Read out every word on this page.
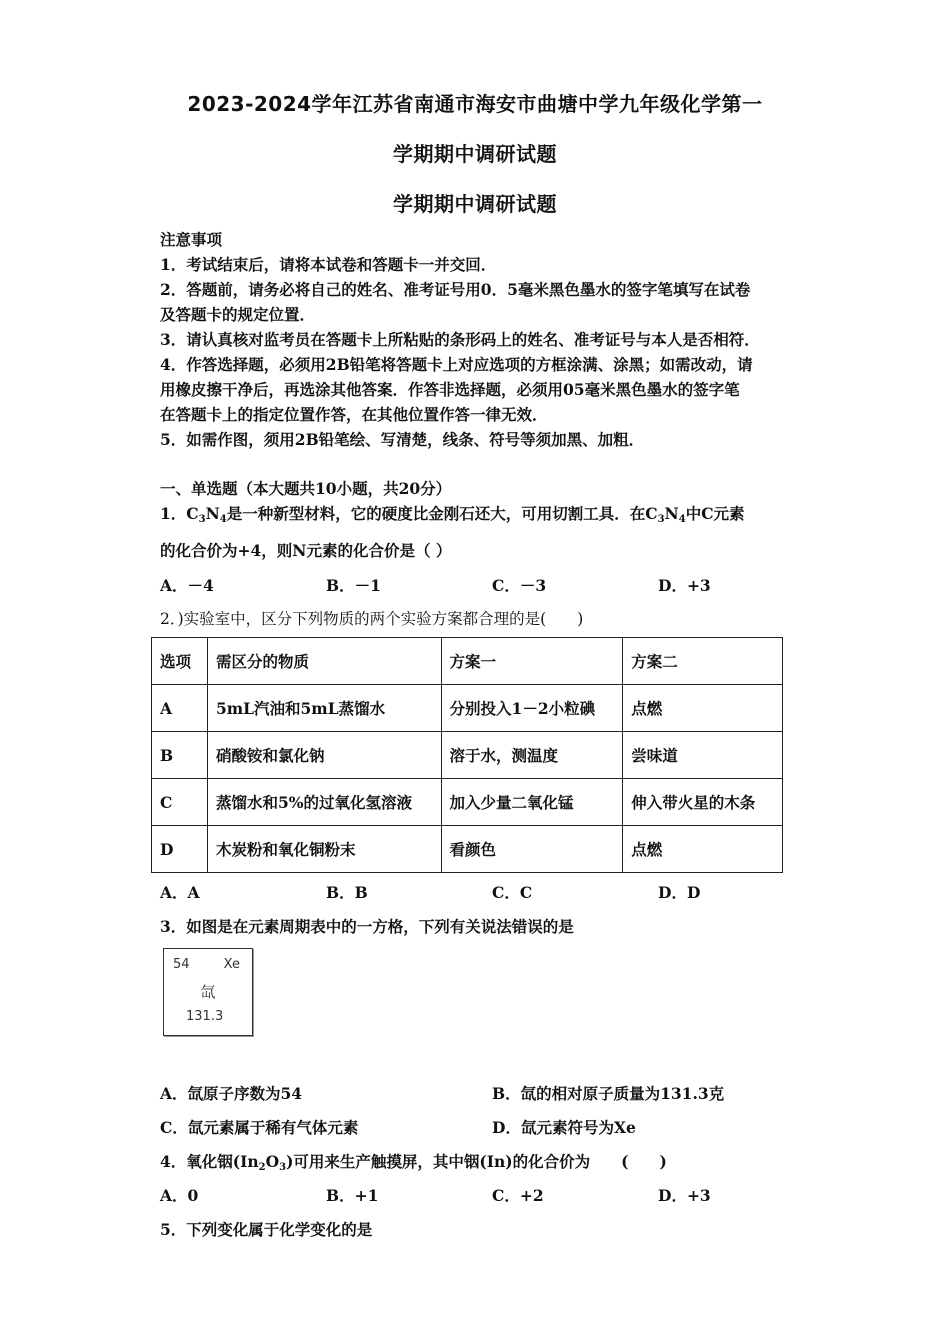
2023-2024学年江苏省南通市海安市曲塘中学九年级化学第一
学期期中调研试题
学期期中调研试题
注意事项
1．考试结束后，请将本试卷和答题卡一并交回．
2．答题前，请务必将自己的姓名、准考证号用0．5毫米黑色墨水的签字笔填写在试卷
及答题卡的规定位置．
3．请认真核对监考员在答题卡上所粘贴的条形码上的姓名、准考证号与本人是否相符．
4．作答选择题，必须用2B铅笔将答题卡上对应选项的方框涂满、涂黑；如需改动，请
用橡皮擦干净后，再选涂其他答案．作答非选择题，必须用05毫米黑色墨水的签字笔
在答题卡上的指定位置作答，在其他位置作答一律无效．
5．如需作图，须用2B铅笔绘、写清楚，线条、符号等须加黑、加粗．
一、单选题（本大题共10小题，共20分）
1．$C_3N_4$是一种新型材料，它的硬度比金刚石还大，可用切割工具．在$C_3N_4$中C元素
的化合价为+4，则N元素的化合价是（ ）
A．－4	B．－1	C．－3	D．+3
2．)实验室中，区分下列物质的两个实验方案都合理的是(　　)
选项	需区分的物质	方案一	方案二
A	5mL汽油和5mL蒸馏水	分别投入1－2小粒碘	点燃
B	硝酸铵和氯化钠	溶于水，测温度	尝味道
C	蒸馏水和5%的过氧化氢溶液	加入少量二氧化锰	伸入带火星的木条
D	木炭粉和氧化铜粉末	看颜色	点燃
A．A	B．B	C．C	D．D
3．如图是在元素周期表中的一方格，下列有关说法错误的是
54	Xe
氙
131.3
A．氙原子序数为54	B．氙的相对原子质量为131.3克
C．氙元素属于稀有气体元素	D．氙元素符号为Xe
4．氧化铟$(In_2O_3)$可用来生产触摸屏，其中铟(In)的化合价为　　(　　)
A．0	B．+1	C．+2	D．+3
5．下列变化属于化学变化的是
